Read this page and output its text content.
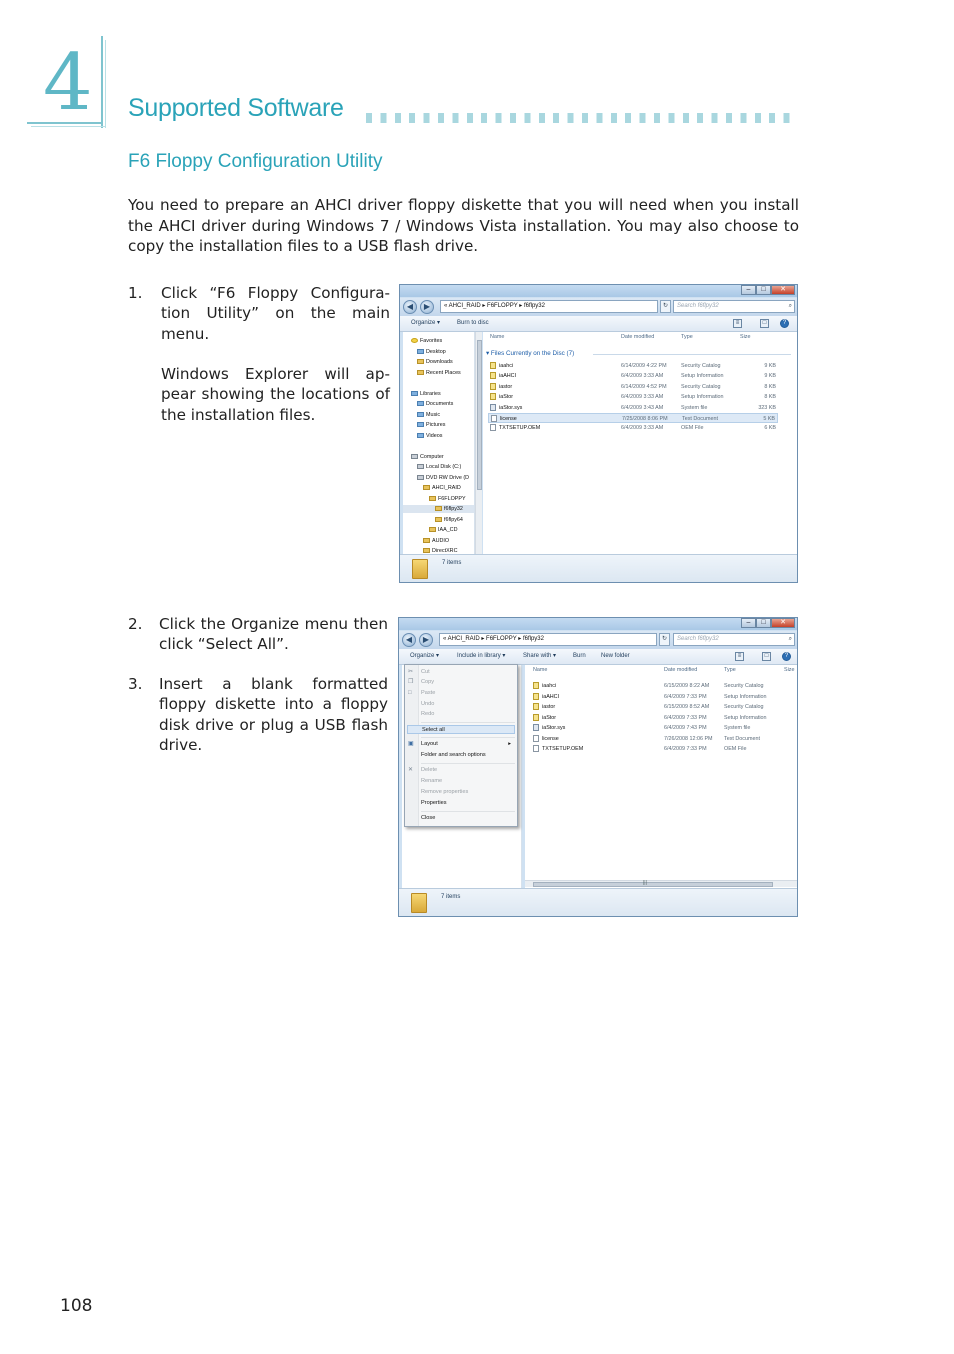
4 Supported Software
F6 Floppy Configuration Utility

You need to prepare an AHCI driver floppy diskette that you will need when you install the AHCI driver during Windows 7 / Windows Vista installation. You may also choose to copy the installation files to a USB flash drive.

1. Click “F6 Floppy Configura-tion Utility” on the main menu.
Windows Explorer will ap-pear showing the locations of the installation files.
2. Click the Organize menu then click “Select All”.
3. Insert a blank formatted floppy diskette into a floppy disk drive or plug a USB flash drive.
–	□	✕
◀	▶	« AHCI_RAID ▸ F6FLOPPY ▸ f6flpy32	↻	Search f6flpy32	⌕
Organize ▾	Burn to disc	≡	□	?
Favorites
Desktop
Downloads
Recent Places
Libraries
Documents
Music
Pictures
Videos
Computer
Local Disk (C:)
DVD RW Drive (D
AHCI_RAID
F6FLOPPY
f6flpy32
f6flpy64
IAA_CD
AUDIO
DirectXRC
Name	Date modified	Type	Size
▾ Files Currently on the Disc (7)
iaahci	6/14/2009 4:22 PM	Security Catalog	9 KB
iaAHCI	6/4/2009 3:33 AM	Setup Information	9 KB
iastor	6/14/2009 4:52 PM	Security Catalog	8 KB
iaStor	6/4/2009 3:33 AM	Setup Information	8 KB
iaStor.sys	6/4/2009 3:43 AM	System file	323 KB
license	7/25/2008 8:06 PM	Text Document	5 KB
TXTSETUP.OEM	6/4/2009 3:33 AM	OEM File	6 KB
7 items
–	□	✕
◀	▶	« AHCI_RAID ▸ F6FLOPPY ▸ f6flpy32	↻	Search f6flpy32	⌕
Organize ▾	Include in library ▾	Share with ▾	Burn	New folder	≡	□	?
Name	Date modified	Type	Size
iaahci	6/15/2009 8:22 AM	Security Catalog
iaAHCI	6/4/2009 7:33 PM	Setup Information
iastor	6/15/2009 8:52 AM	Security Catalog
iaStor	6/4/2009 7:33 PM	Setup Information
iaStor.sys	6/4/2009 7:43 PM	System file
license	7/26/2008 12:06 PM Text Document
TXTSETUP.OEM	6/4/2009 7:33 PM	OEM File
|||
7 items
✂ Cut
❐ Copy
□ Paste
Undo
Redo
Select all
▣ Layout	▸
Folder and search options
✕ Delete
Rename
Remove properties
Properties
Close
108
